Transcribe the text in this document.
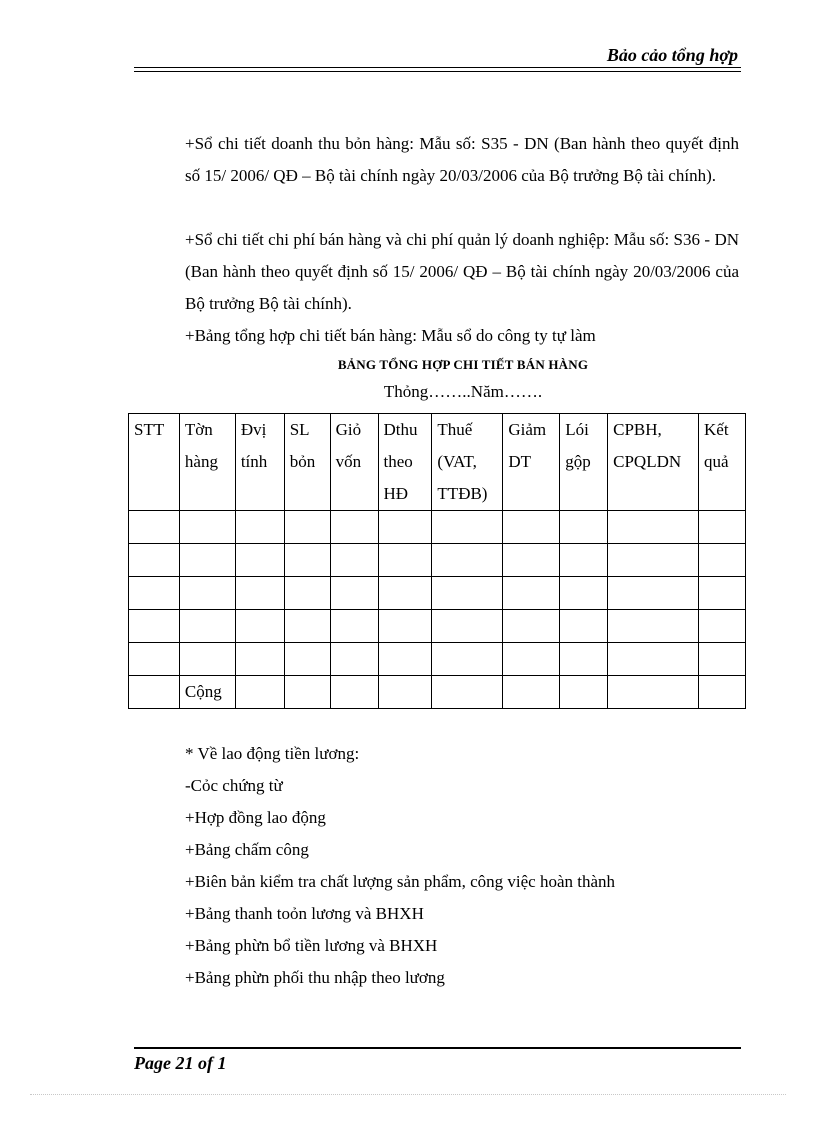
Bảo cảo tổng hợp
+Sổ chi tiết doanh thu bỏn hàng: Mẫu số: S35 - DN (Ban hành theo quyết định số 15/ 2006/ QĐ – Bộ tài chính ngày 20/03/2006 của Bộ trưởng Bộ tài chính).
+Sổ chi tiết chi phí bán hàng và chi phí quản lý doanh nghiệp: Mẫu số: S36 - DN (Ban hành theo quyết định số 15/ 2006/ QĐ – Bộ tài chính ngày 20/03/2006 của Bộ trưởng Bộ tài chính).
+Bảng tổng hợp chi tiết bán hàng: Mẫu sổ do công ty tự làm
BẢNG TỔNG HỢP CHI TIẾT BÁN HÀNG
Thỏng……..Năm…….
STT	Tờn hàng	Đvị tính	SL bỏn	Giỏ vốn	Dthu theo HĐ	Thuế (VAT, TTĐB)	Giảm DT	Lói gộp	CPBH, CPQLDN	Kết quả

	Cộng									
* Về lao động tiền lương:
-Cỏc chứng từ
+Hợp đồng lao động
+Bảng chấm công
+Biên bản kiểm tra chất lượng sản phẩm, công việc hoàn thành
+Bảng thanh toỏn lương và BHXH
+Bảng phừn bổ tiền lương và BHXH
+Bảng phừn phối thu nhập theo lương
Page 21 of 1
